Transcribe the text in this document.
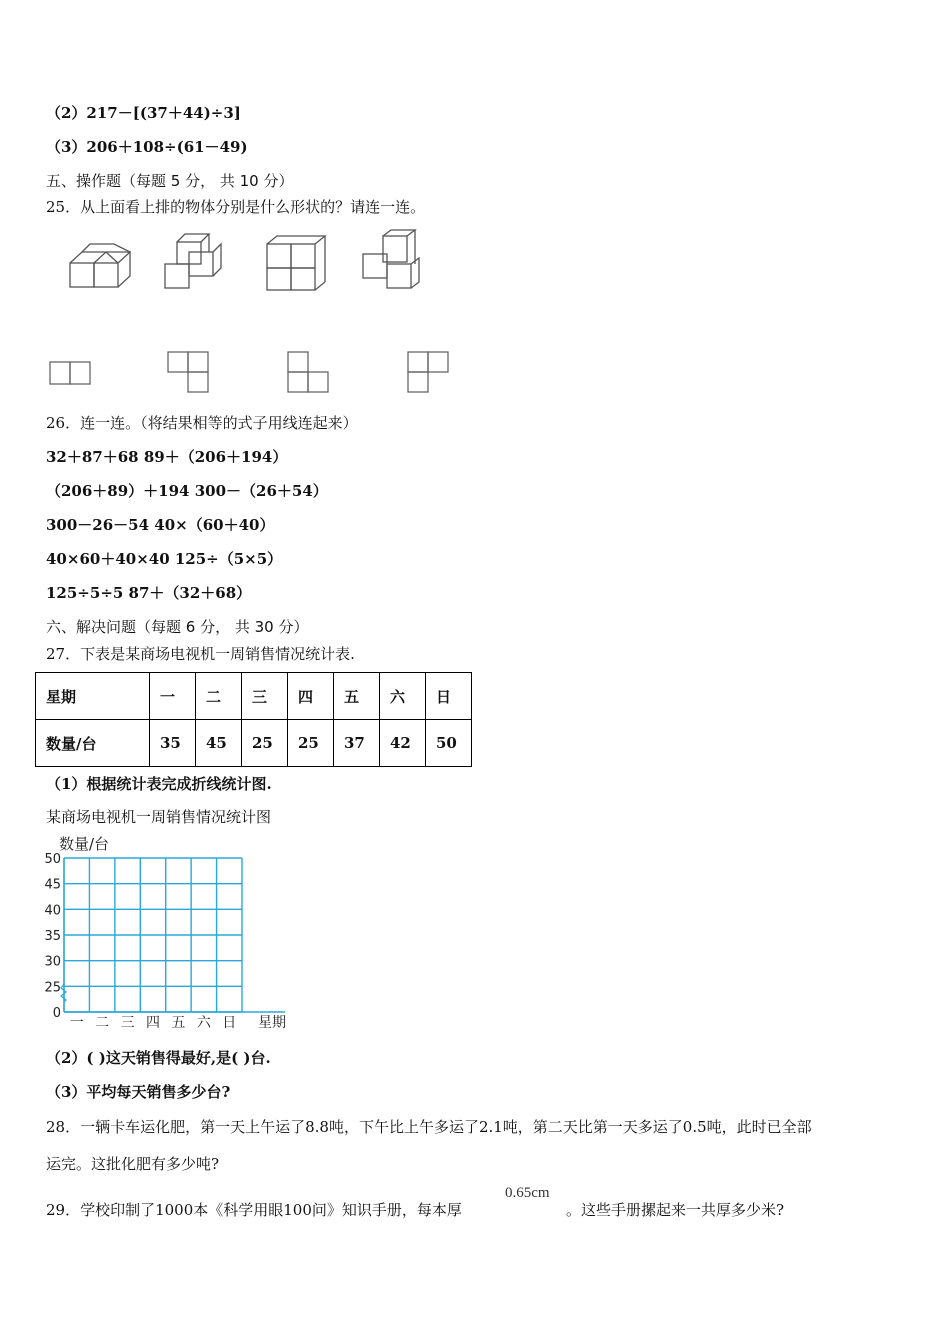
（2）217－[(37＋44)÷3]
（3）206＋108÷(61－49)
五、操作题（每题 5 分， 共 10 分）
25．从上面看上排的物体分别是什么形状的？请连一连。
26．连一连。（将结果相等的式子用线连起来）
32＋87＋68 89＋（206＋194）
（206＋89）＋194 300－（26＋54）
300－26－54 40×（60＋40）
40×60＋40×40 125÷（5×5）
125÷5÷5 87＋（32＋68）
六、解决问题（每题 6 分， 共 30 分）
27．下表是某商场电视机一周销售情况统计表.
星期	一	二	三	四	五	六	日
数量/台	35	45	25	25	37	42	50
（1）根据统计表完成折线统计图.
某商场电视机一周销售情况统计图
50
45
40
35
30
25
0
一 二 三 四 五 六 日
数量/台
星期
（2）( )这天销售得最好,是( )台.
（3）平均每天销售多少台?
28．一辆卡车运化肥，第一天上午运了8.8吨，下午比上午多运了2.1吨，第二天比第一天多运了0.5吨，此时已全部
运完。这批化肥有多少吨?
29．学校印制了1000本《科学用眼100问》知识手册，每本厚
0.65cm
。这些手册摞起来一共厚多少米?
